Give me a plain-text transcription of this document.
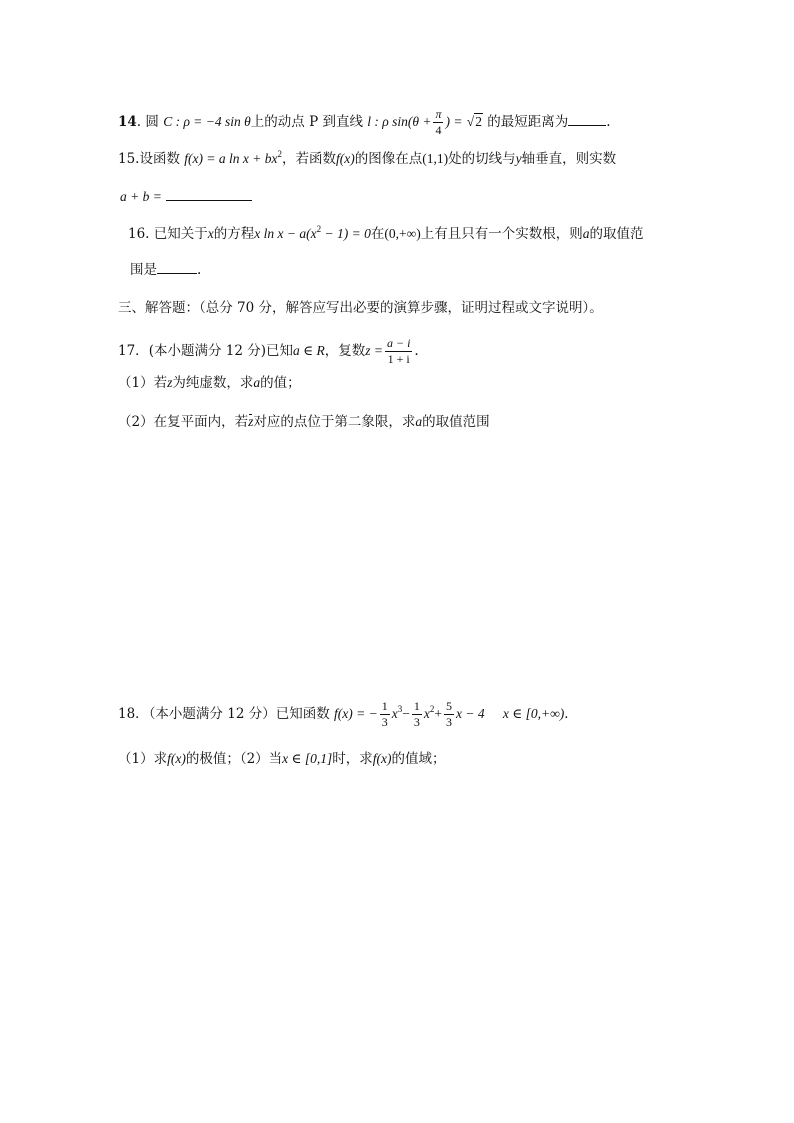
14. 圆 C : ρ = −4 sin θ上的动点 P 到直线 l : ρ $\sin(\theta + \frac{\pi}{4}$ ) = √2 的最短距离为	.
15.设函数 f(x) = a $\ln x + bx^2$，若函数f(x)的图像在点(1,1)处的切线与y轴垂直，则实数
a + b =
16. 已知关于x的方程x $\ln x - a(x^2 - 1) = 0$在(0,+∞)上有且只有一个实数根，则a的取值范
围是	.
三、解答题：（总分 70 分，解答应写出必要的演算步骤，证明过程或文字说明）。
17．(本小题满分 12 分)已知a ∈ R，复数$z = \frac{a - i}{1 + i}$ .
（1）若z为纯虚数，求a的值；
（2）在复平面内，若z对应的点位于第二象限，求a的取值范围
18．（本小题满分 12 分）已知函数 f(x) = − $\frac{1}{3} x^3- \frac{1}{3} x^2+ \frac{5}{3}$ x − 4 x ∈ [0,+∞)．
（1）求f(x)的极值；（2）当x ∈ [0,1]时，求f(x)的值域；
